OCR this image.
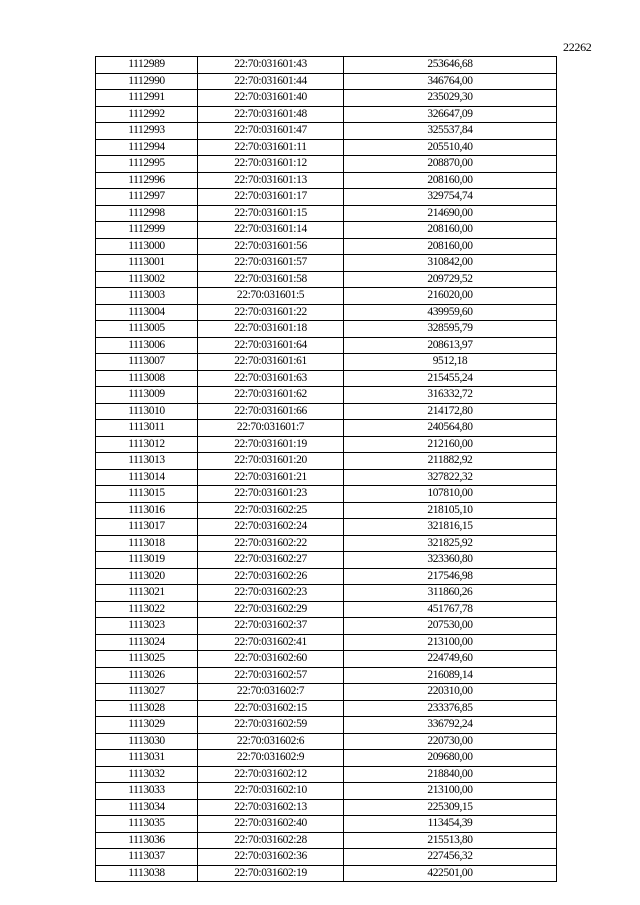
22262
1112989	22:70:031601:43	253646,68
1112990	22:70:031601:44	346764,00
1112991	22:70:031601:40	235029,30
1112992	22:70:031601:48	326647,09
1112993	22:70:031601:47	325537,84
1112994	22:70:031601:11	205510,40
1112995	22:70:031601:12	208870,00
1112996	22:70:031601:13	208160,00
1112997	22:70:031601:17	329754,74
1112998	22:70:031601:15	214690,00
1112999	22:70:031601:14	208160,00
1113000	22:70:031601:56	208160,00
1113001	22:70:031601:57	310842,00
1113002	22:70:031601:58	209729,52
1113003	22:70:031601:5	216020,00
1113004	22:70:031601:22	439959,60
1113005	22:70:031601:18	328595,79
1113006	22:70:031601:64	208613,97
1113007	22:70:031601:61	9512,18
1113008	22:70:031601:63	215455,24
1113009	22:70:031601:62	316332,72
1113010	22:70:031601:66	214172,80
1113011	22:70:031601:7	240564,80
1113012	22:70:031601:19	212160,00
1113013	22:70:031601:20	211882,92
1113014	22:70:031601:21	327822,32
1113015	22:70:031601:23	107810,00
1113016	22:70:031602:25	218105,10
1113017	22:70:031602:24	321816,15
1113018	22:70:031602:22	321825,92
1113019	22:70:031602:27	323360,80
1113020	22:70:031602:26	217546,98
1113021	22:70:031602:23	311860,26
1113022	22:70:031602:29	451767,78
1113023	22:70:031602:37	207530,00
1113024	22:70:031602:41	213100,00
1113025	22:70:031602:60	224749,60
1113026	22:70:031602:57	216089,14
1113027	22:70:031602:7	220310,00
1113028	22:70:031602:15	233376,85
1113029	22:70:031602:59	336792,24
1113030	22:70:031602:6	220730,00
1113031	22:70:031602:9	209680,00
1113032	22:70:031602:12	218840,00
1113033	22:70:031602:10	213100,00
1113034	22:70:031602:13	225309,15
1113035	22:70:031602:40	113454,39
1113036	22:70:031602:28	215513,80
1113037	22:70:031602:36	227456,32
1113038	22:70:031602:19	422501,00
